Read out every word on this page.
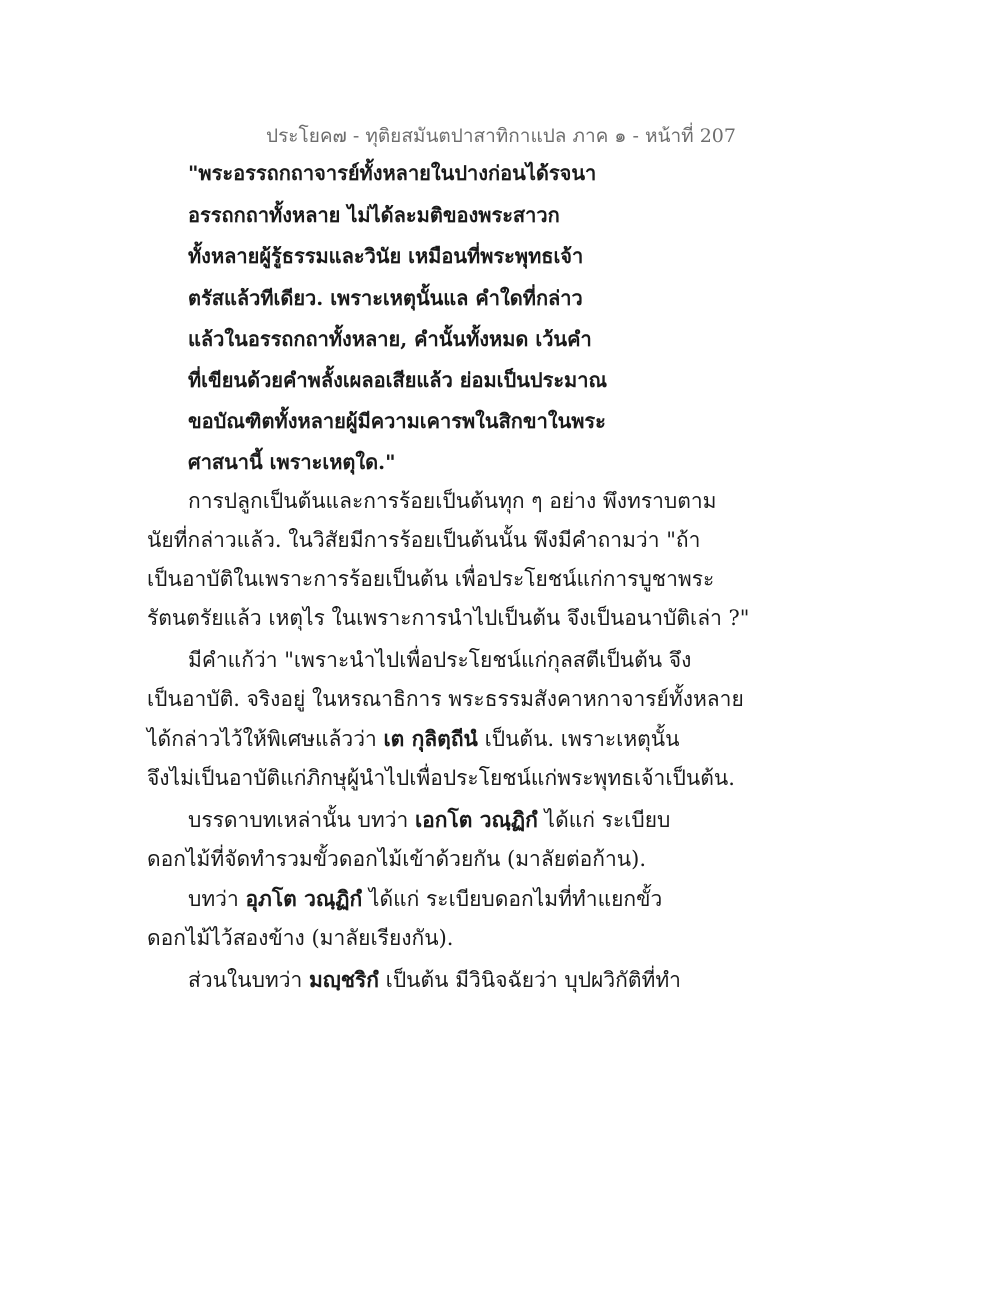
ประโยค๗ - ทุติยสมันตปาสาทิกาแปล ภาค ๑ - หน้าที่ 207
"พระอรรถกถาจารย์ทั้งหลายในปางก่อนได้รจนา
อรรถกถาทั้งหลาย ไม่ได้ละมติของพระสาวก
ทั้งหลายผู้รู้ธรรมและวินัย เหมือนที่พระพุทธเจ้า
ตรัสแล้วทีเดียว. เพราะเหตุนั้นแล คำใดที่กล่าว
แล้วในอรรถกถาทั้งหลาย, คำนั้นทั้งหมด เว้นคำ
ที่เขียนด้วยคำพลั้งเผลอเสียแล้ว ย่อมเป็นประมาณ
ขอบัณฑิตทั้งหลายผู้มีความเคารพในสิกขาในพระ
ศาสนานี้ เพราะเหตุใด."
การปลูกเป็นต้นและการร้อยเป็นต้นทุก ๆ อย่าง พึงทราบตาม
นัยที่กล่าวแล้ว. ในวิสัยมีการร้อยเป็นต้นนั้น พึงมีคำถามว่า "ถ้า
เป็นอาบัติในเพราะการร้อยเป็นต้น เพื่อประโยชน์แก่การบูชาพระ
รัตนตรัยแล้ว เหตุไร ในเพราะการนำไปเป็นต้น จึงเป็นอนาบัติเล่า ?"
มีคำแก้ว่า "เพราะนำไปเพื่อประโยชน์แก่กุลสตีเป็นต้น จึง
เป็นอาบัติ. จริงอยู่ ในหรณาธิการ พระธรรมสังคาหกาจารย์ทั้งหลาย
ได้กล่าวไว้ให้พิเศษแล้วว่า เต กุลิตฺถีนํ เป็นต้น. เพราะเหตุนั้น
จึงไม่เป็นอาบัติแก่ภิกษุผู้นำไปเพื่อประโยชน์แก่พระพุทธเจ้าเป็นต้น.
บรรดาบทเหล่านั้น บทว่า เอกโต วณฺฏิกํ ได้แก่ ระเบียบ
ดอกไม้ที่จัดทำรวมขั้วดอกไม้เข้าด้วยกัน (มาลัยต่อก้าน).
บทว่า อุภโต วณฺฏิกํ ได้แก่ ระเบียบดอกไมที่ทำแยกขั้ว
ดอกไม้ไว้สองข้าง (มาลัยเรียงกัน).
ส่วนในบทว่า มญฺชริกํ เป็นต้น มีวินิจฉัยว่า บุปผวิกัติที่ทำ
